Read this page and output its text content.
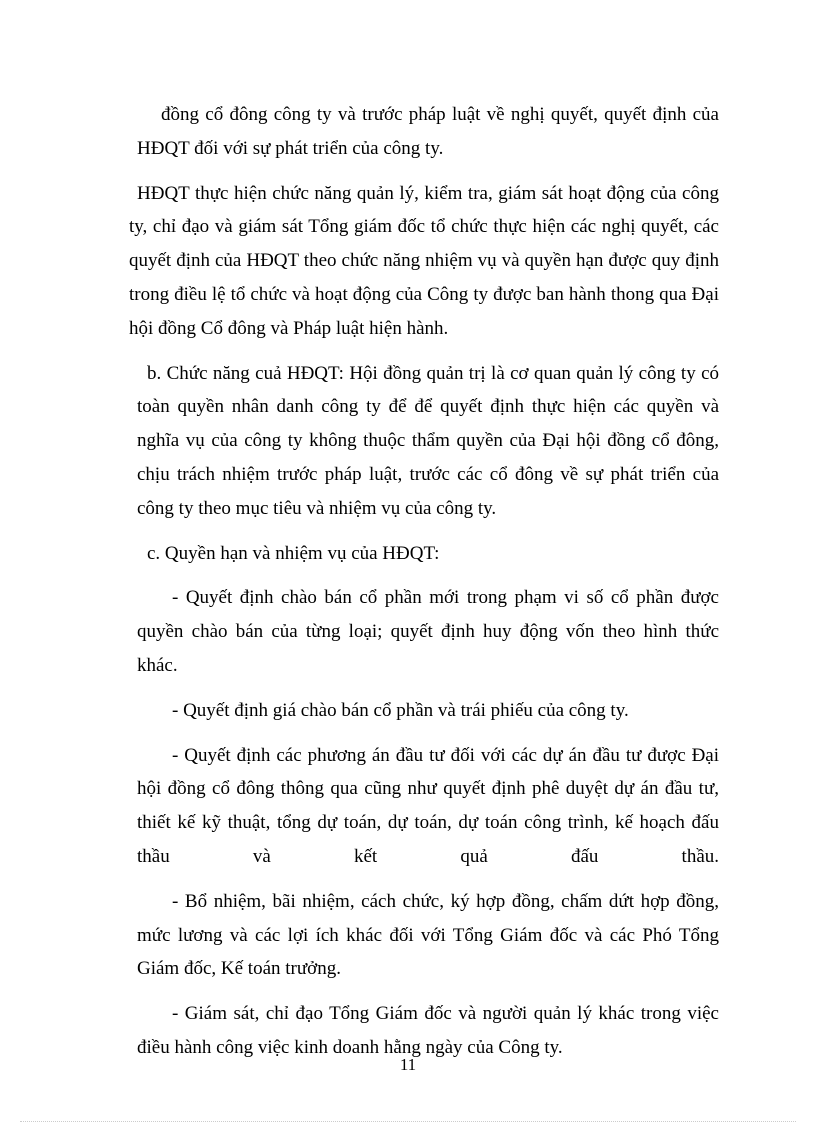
đồng cổ đông công ty và trước pháp luật về nghị quyết, quyết định của HĐQT đối với sự phát triển của công ty.

HĐQT thực hiện chức năng quản lý, kiểm tra, giám sát hoạt động của công ty, chỉ đạo và giám sát Tổng giám đốc tổ chức thực hiện các nghị quyết, các quyết định của HĐQT theo chức năng nhiệm vụ và quyền hạn được quy định trong điều lệ tổ chức và hoạt động của Công ty được ban hành thong qua Đại hội đồng Cổ đông và Pháp luật hiện hành.

b. Chức năng cuả HĐQT: Hội đồng quản trị là cơ quan quản lý công ty có toàn quyền nhân danh công ty để để quyết định thực hiện các quyền và nghĩa vụ của công ty không thuộc thẩm quyền của Đại hội đồng cổ đông, chịu trách nhiệm trước pháp luật, trước các cổ đông về sự phát triển của công ty theo mục tiêu và nhiệm vụ của công ty.

c. Quyền hạn và nhiệm vụ của HĐQT:

- Quyết định chào bán cổ phần mới trong phạm vi số cổ phần được quyền chào bán của từng loại; quyết định huy động vốn theo hình thức khác.

- Quyết định giá chào bán cổ phần và trái phiếu của công ty.

- Quyết định các phương án đầu tư đối với các dự án đầu tư được Đại hội đồng cổ đông thông qua cũng như quyết định phê duyệt dự án đầu tư, thiết kế kỹ thuật, tổng dự toán, dự toán, dự toán công trình, kế hoạch đấu thầu và kết quả đấu thầu.

- Bổ nhiệm, bãi nhiệm, cách chức, ký hợp đồng, chấm dứt hợp đồng, mức lương và các lợi ích khác đối với Tổng Giám đốc và các Phó Tổng Giám đốc, Kế toán trưởng.

- Giám sát, chỉ đạo Tổng Giám đốc và người quản lý khác trong việc điều hành công việc kinh doanh hằng ngày của Công ty.

11
